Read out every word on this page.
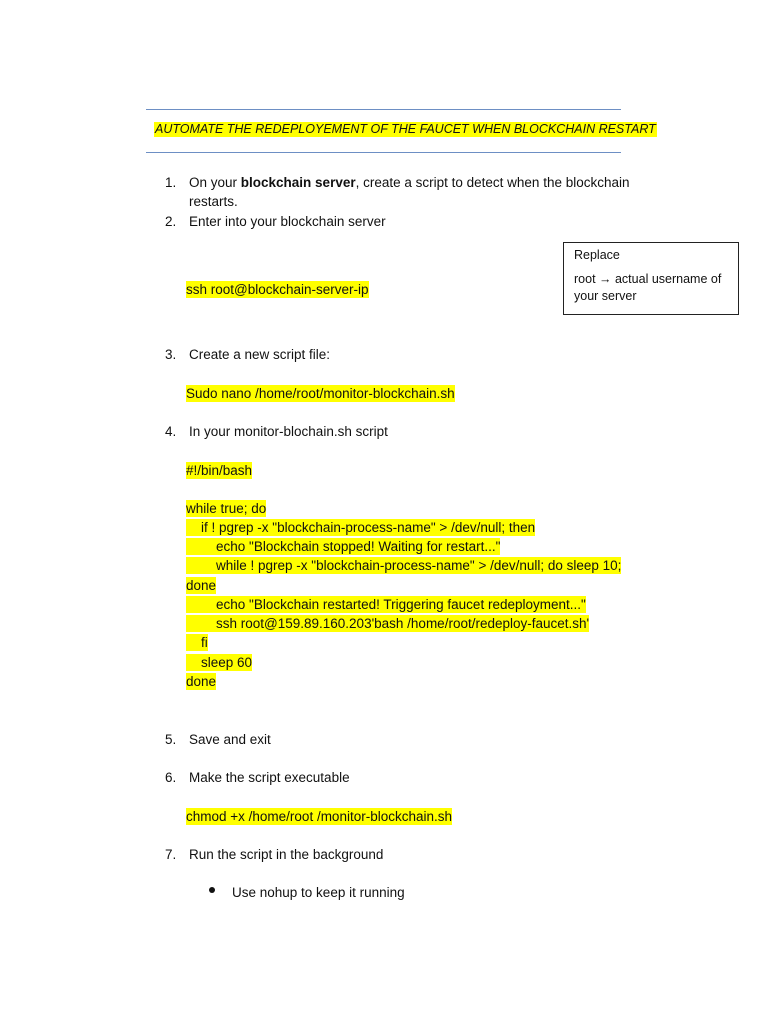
AUTOMATE THE REDEPLOYEMENT OF THE FAUCET WHEN BLOCKCHAIN RESTART
1. On your blockchain server, create a script to detect when the blockchain
restarts.
2. Enter into your blockchain server
Replace
root → actual username of your server
ssh root@blockchain-server-ip
3. Create a new script file:
Sudo nano /home/root/monitor-blockchain.sh
4. In your monitor-blochain.sh script
#!/bin/bash
while true; do
if ! pgrep -x "blockchain-process-name" > /dev/null; then
echo "Blockchain stopped! Waiting for restart..."
while ! pgrep -x "blockchain-process-name" > /dev/null; do sleep 10;
done
echo "Blockchain restarted! Triggering faucet redeployment..."
ssh root@159.89.160.203'bash /home/root/redeploy-faucet.sh'
fi
sleep 60
done
5. Save and exit
6. Make the script executable
chmod +x /home/root /monitor-blockchain.sh
7. Run the script in the background
Use nohup to keep it running
